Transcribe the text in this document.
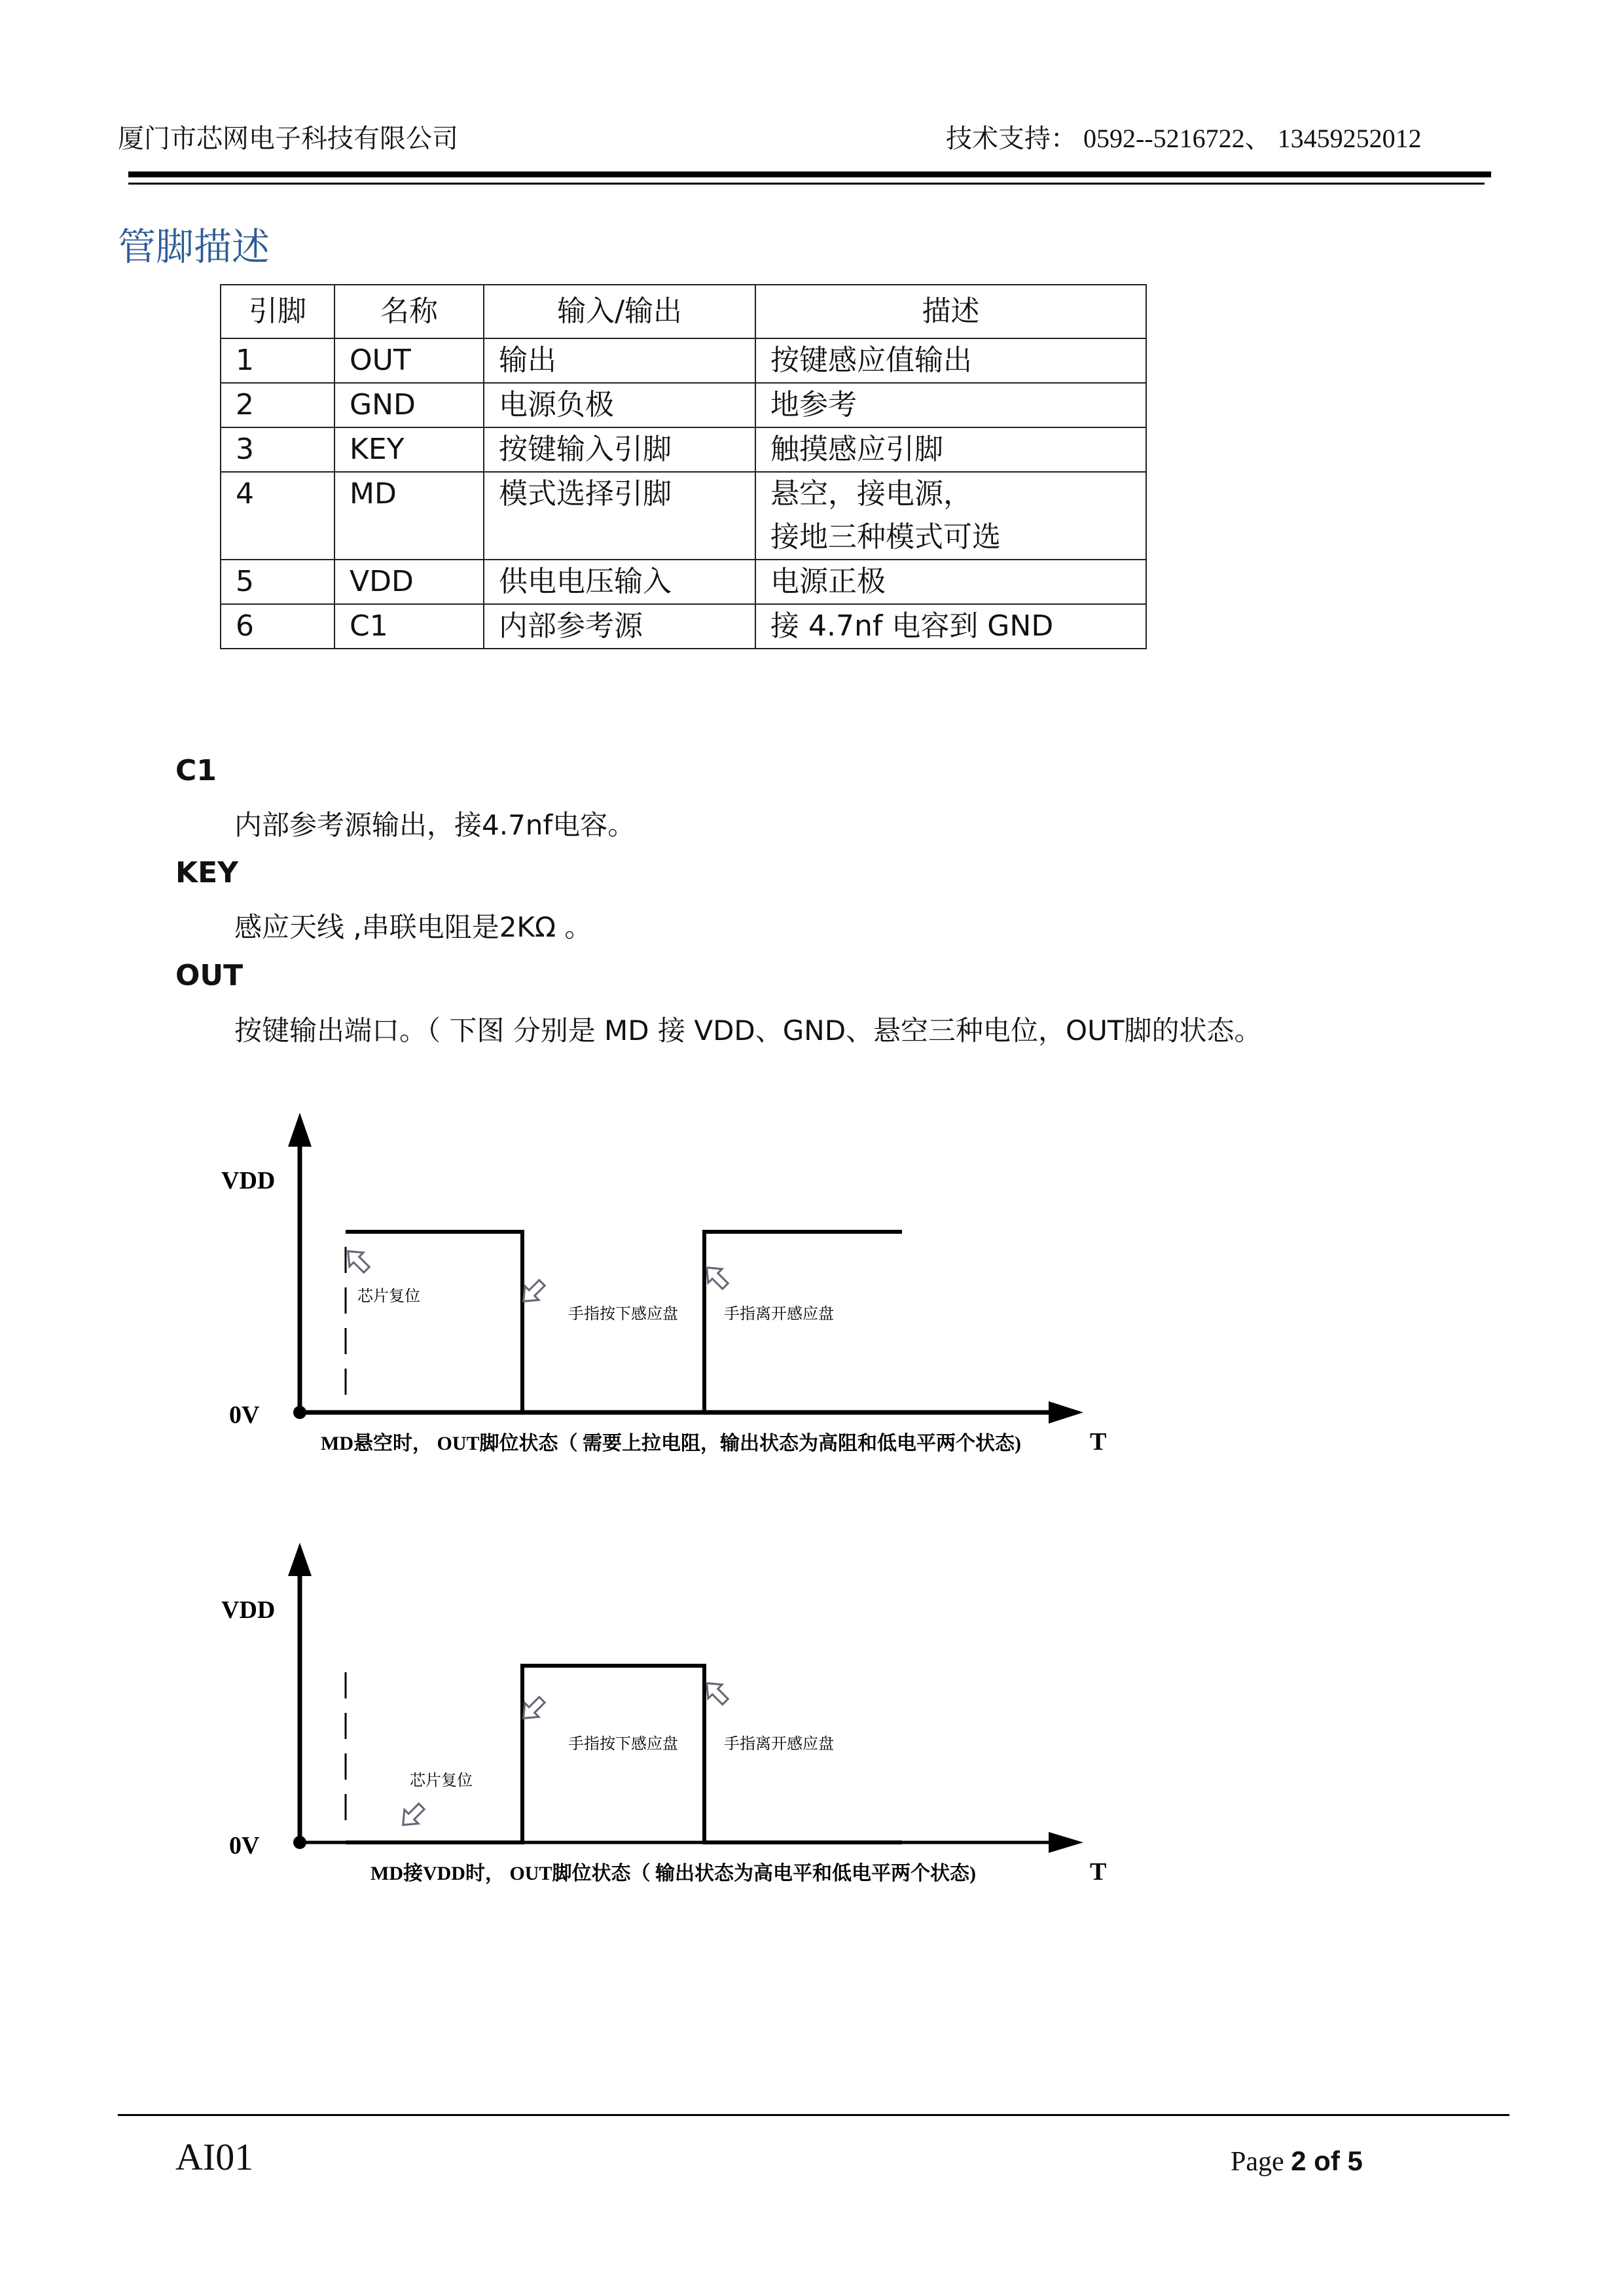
厦门市芯网电子科技有限公司	技术支持： 0592--5216722、 13459252012
管脚描述
引脚	名称	输入/输出	描述
1	OUT	输出	按键感应值输出
2	GND	电源负极	地参考
3	KEY	按键输入引脚	触摸感应引脚
4	MD	模式选择引脚	悬空，接电源，
接地三种模式可选

5	VDD	供电电压输入	电源正极
6	C1	内部参考源	接 4.7nf 电容到 GND
C1
内部参考源输出，接4.7nf电容。
KEY
感应天线 ,串联电阻是2KΩ 。
OUT
按键输出端口。（ 下图 分别是 MD 接 VDD、GND、悬空三种电位，OUT脚的状态。
VDD
0V
T
芯片复位
手指按下感应盘	手指离开感应盘
MD悬空时， OUT脚位状态（ 需要上拉电阻，输出状态为高阻和低电平两个状态)
VDD
0V
T
芯片复位
手指按下感应盘	手指离开感应盘
MD接VDD时， OUT脚位状态（ 输出状态为高电平和低电平两个状态)
AI01	Page 2 of 5
